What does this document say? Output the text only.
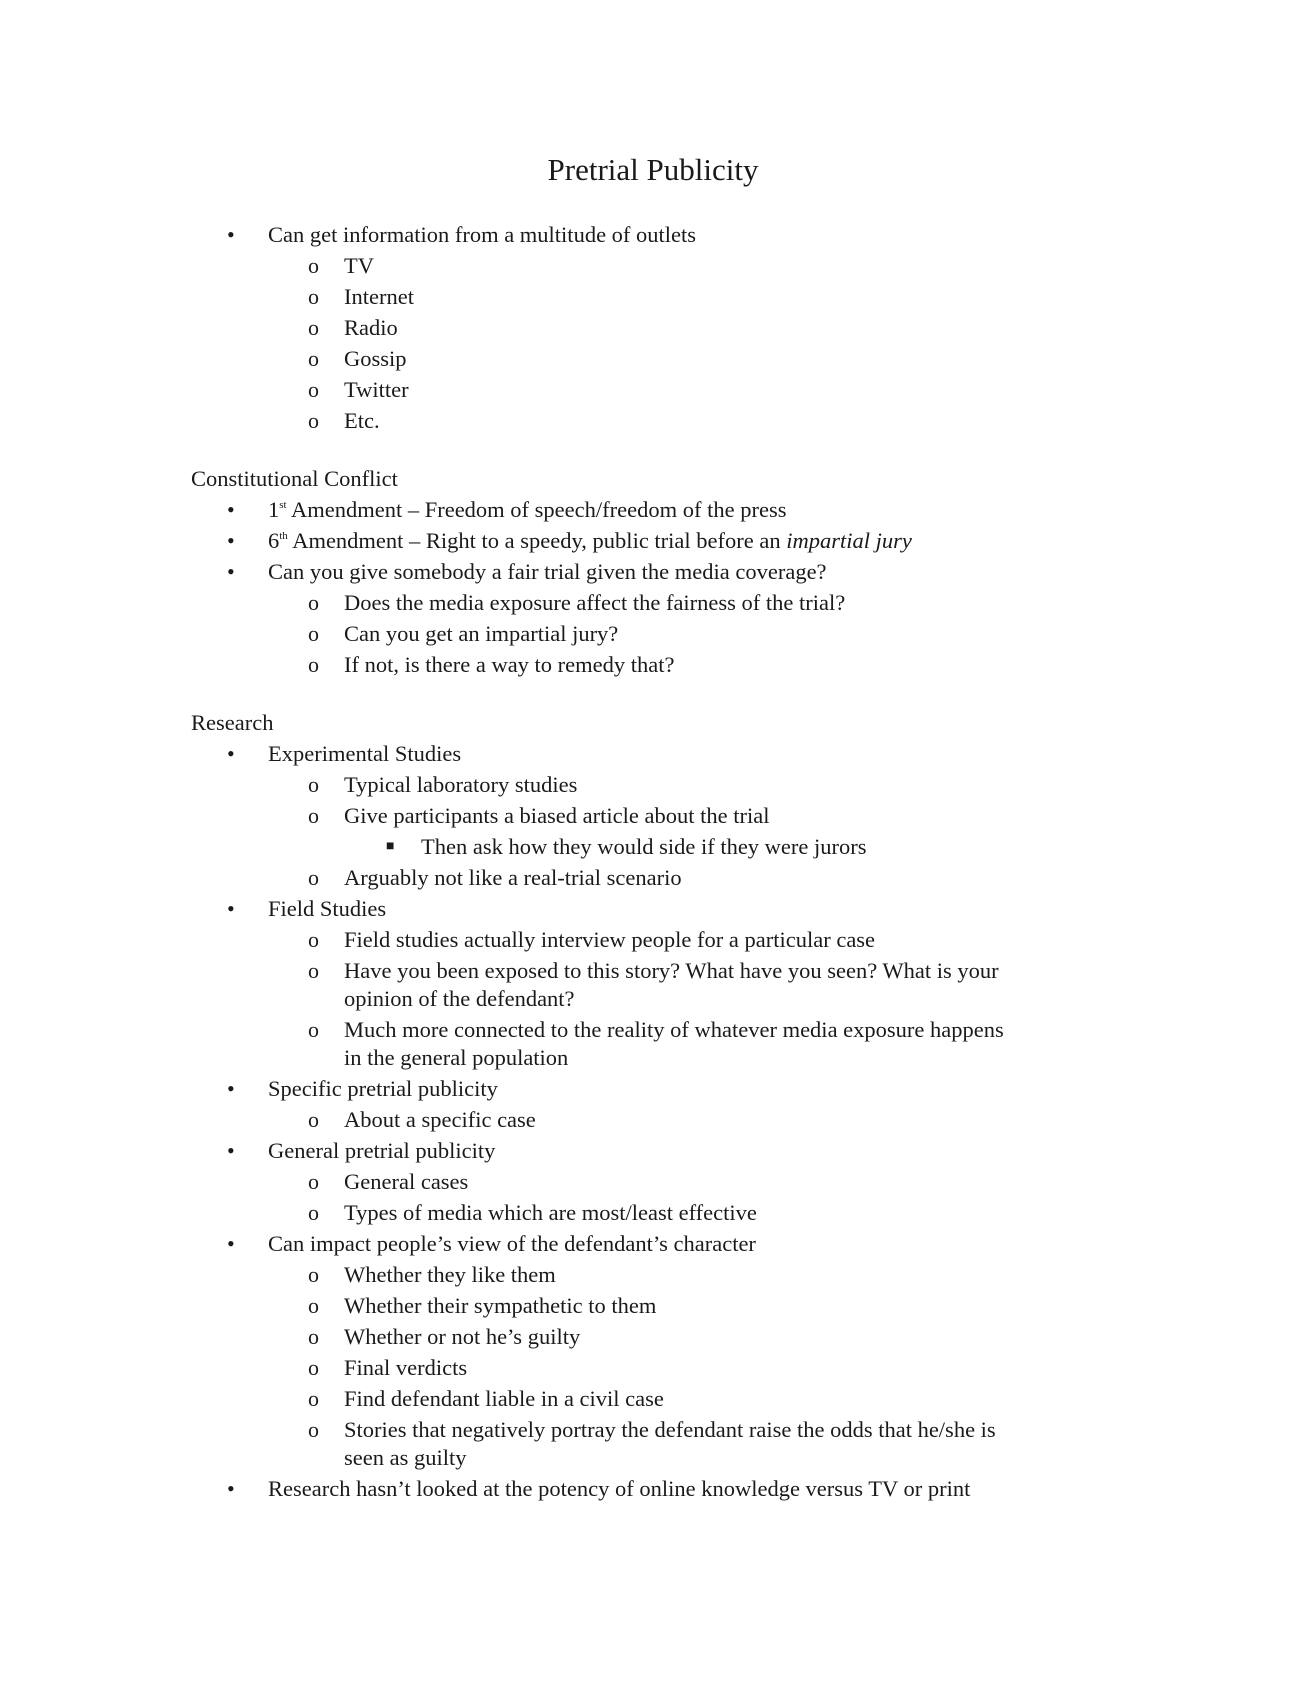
Pretrial Publicity
• Can get information from a multitude of outlets
o TV
o Internet
o Radio
o Gossip
o Twitter
o Etc.
Constitutional Conflict
• 1st Amendment – Freedom of speech/freedom of the press
• 6th Amendment – Right to a speedy, public trial before an impartial jury
• Can you give somebody a fair trial given the media coverage?
o Does the media exposure affect the fairness of the trial?
o Can you get an impartial jury?
o If not, is there a way to remedy that?
Research
• Experimental Studies
o Typical laboratory studies
o Give participants a biased article about the trial
■ Then ask how they would side if they were jurors
o Arguably not like a real-trial scenario
• Field Studies
o Field studies actually interview people for a particular case
o Have you been exposed to this story? What have you seen? What is your
opinion of the defendant?
o Much more connected to the reality of whatever media exposure happens
in the general population
• Specific pretrial publicity
o About a specific case
• General pretrial publicity
o General cases
o Types of media which are most/least effective
• Can impact people’s view of the defendant’s character
o Whether they like them
o Whether their sympathetic to them
o Whether or not he’s guilty
o Final verdicts
o Find defendant liable in a civil case
o Stories that negatively portray the defendant raise the odds that he/she is
seen as guilty
• Research hasn’t looked at the potency of online knowledge versus TV or print
